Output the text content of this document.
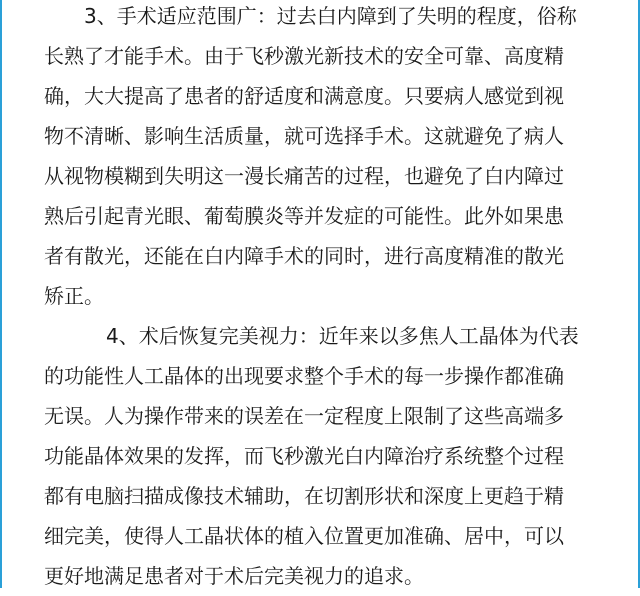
3、手术适应范围广：过去白内障到了失明的程度，俗称
长熟了才能手术。由于飞秒激光新技术的安全可靠、高度精
确，大大提高了患者的舒适度和满意度。只要病人感觉到视
物不清晰、影响生活质量，就可选择手术。这就避免了病人
从视物模糊到失明这一漫长痛苦的过程，也避免了白内障过
熟后引起青光眼、葡萄膜炎等并发症的可能性。此外如果患
者有散光，还能在白内障手术的同时，进行高度精准的散光
矫正。
4、术后恢复完美视力：近年来以多焦人工晶体为代表
的功能性人工晶体的出现要求整个手术的每一步操作都准确
无误。人为操作带来的误差在一定程度上限制了这些高端多
功能晶体效果的发挥，而飞秒激光白内障治疗系统整个过程
都有电脑扫描成像技术辅助，在切割形状和深度上更趋于精
细完美，使得人工晶状体的植入位置更加准确、居中，可以
更好地满足患者对于术后完美视力的追求。
